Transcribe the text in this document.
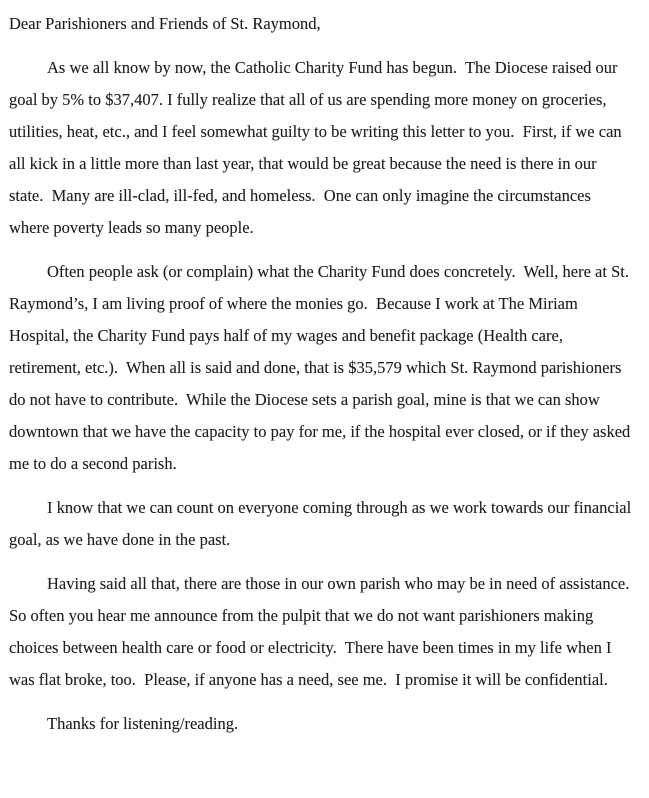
Dear Parishioners and Friends of St. Raymond,

As we all know by now, the Catholic Charity Fund has begun.  The Diocese raised our goal by 5% to $37,407. I fully realize that all of us are spending more money on groceries, utilities, heat, etc., and I feel somewhat guilty to be writing this letter to you.  First, if we can all kick in a little more than last year, that would be great because the need is there in our state.  Many are ill-clad, ill-fed, and homeless.  One can only imagine the circumstances where poverty leads so many people.

Often people ask (or complain) what the Charity Fund does concretely.  Well, here at St. Raymond’s, I am living proof of where the monies go.  Because I work at The Miriam Hospital, the Charity Fund pays half of my wages and benefit package (Health care, retirement, etc.).  When all is said and done, that is $35,579 which St. Raymond parishioners do not have to contribute.  While the Diocese sets a parish goal, mine is that we can show downtown that we have the capacity to pay for me, if the hospital ever closed, or if they asked me to do a second parish.

I know that we can count on everyone coming through as we work towards our financial goal, as we have done in the past.

Having said all that, there are those in our own parish who may be in need of assistance.  So often you hear me announce from the pulpit that we do not want parishioners making choices between health care or food or electricity.  There have been times in my life when I was flat broke, too.  Please, if anyone has a need, see me.  I promise it will be confidential.

Thanks for listening/reading.
